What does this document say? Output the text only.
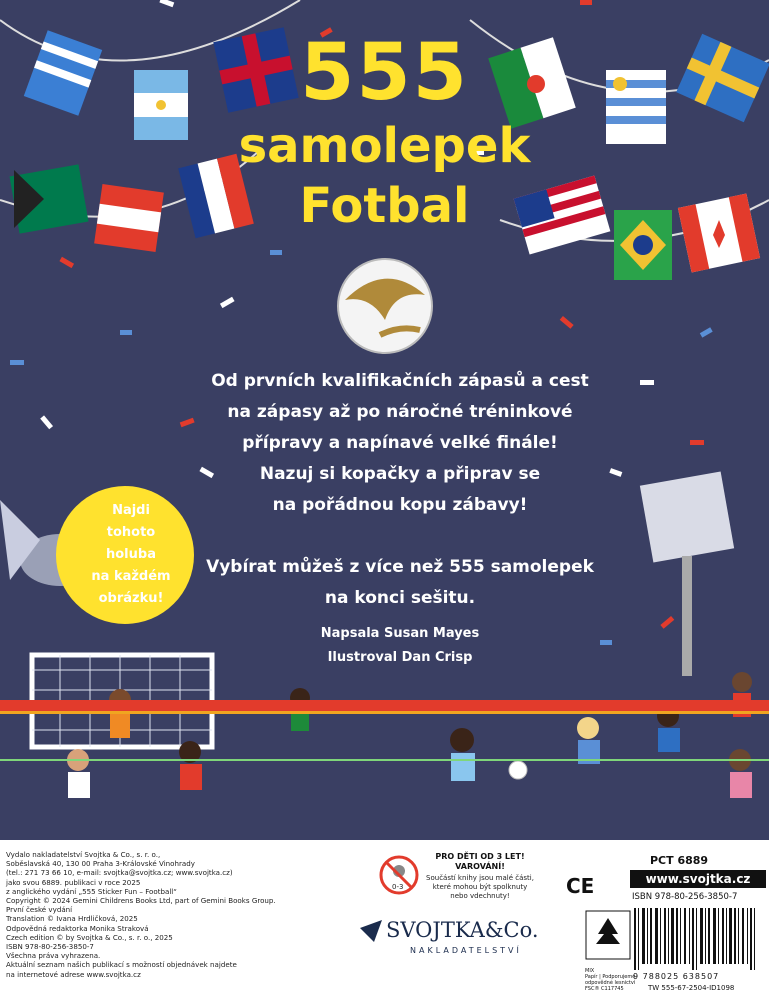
555
samolepek
Fotbal
Od prvních kvalifikačních zápasů a cest
na zápasy až po náročné tréninkové
přípravy a napínavé velké finále!
Nazuj si kopačky a připrav se
na pořádnou kopu zábavy!
Vybírat můžeš z více než 555 samolepek
na konci sešitu.
Napsala Susan Mayes
Ilustroval Dan Crisp
Najdi
tohoto
holuba
na každém
obrázku!
Vydalo nakladatelství Svojtka & Co., s. r. o.,
Soběslavská 40, 130 00 Praha 3-Královské Vinohrady
(tel.: 271 73 66 10, e-mail: svojtka@svojtka.cz; www.svojtka.cz)
jako svou 6889. publikaci v roce 2025
z anglického vydání „555 Sticker Fun – Football“
Copyright © 2024 Gemini Childrens Books Ltd, part of Gemini Books Group.
První české vydání
Translation © Ivana Hrdličková, 2025
Odpovědná redaktorka Monika Straková
Czech edition © by Svojtka & Co., s. r. o., 2025
ISBN 978-80-256-3850-7
Všechna práva vyhrazena.
Aktuální seznam našich publikací s možností objednávek najdete
na internetové adrese www.svojtka.cz
0-3
PRO DĚTI OD 3 LET!
VAROVÁNÍ!
Součástí knihy jsou malé části,
které mohou být spolknuty
nebo vdechnuty!	CE
SVOJTKA&Co.
NAKLADATELSTVÍ
MIX
Papír | Podporujeme
odpovědné lesnictví
FSC® C117745
PCT 6889
www.svojtka.cz
ISBN 978-80-256-3850-7
9 788025 638507
TW 555-67-2504-ID1098
